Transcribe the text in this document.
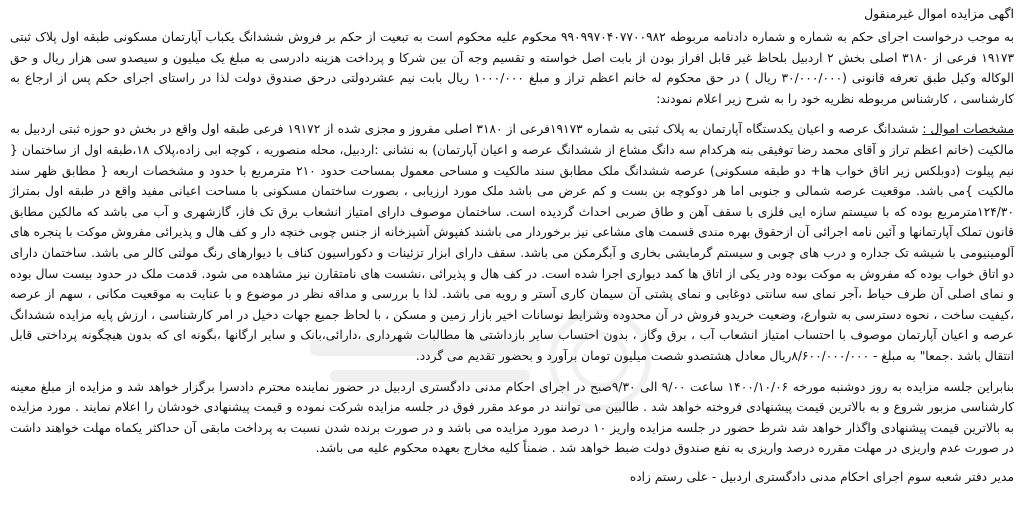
اگهی مزایده اموال غیرمنقول

به موجب درخواست اجرای حکم به شماره و شماره دادنامه مربوطه ۹۹۰۹۹۷۰۴۰۷۷۰۰۹۸۲ محکوم علیه محکوم است به تبعیت از حکم بر فروش ششدانگ یکباب آپارتمان مسکونی طبقه اول پلاک ثبتی ۱۹۱۷۳ فرعی از ۳۱۸۰ اصلی بخش ۲ اردبیل بلحاظ غیر قابل افراز بودن از بابت اصل خواسته و تقسیم وجه آن بین شرکا و پرداخت هزینه دادرسی به مبلغ یک میلیون و سیصدو سی هزار ریال و حق الوکاله وکیل طبق تعرفه قانونی (۳۰/۰۰۰/۰۰۰ ریال ) در حق محکوم له خانم اعظم تراز و مبلغ ۱۰۰۰/۰۰۰ ریال بابت نیم عشردولتی درحق صندوق دولت لذا در راستای اجرای حکم پس از ارجاع به کارشناسی ، کارشناس مربوطه نظریه خود را به شرح زیر اعلام نمودند:

مشخصات اموال : ششدانگ عرصه و اعیان یکدستگاه آپارتمان به پلاک ثبتی به شماره ۱۹۱۷۳فرعی از ۳۱۸۰ اصلی مفروز و مجزی شده از ۱۹۱۷۲ فرعی طبقه اول واقع در بخش دو حوزه ثبتی اردبیل به مالکیت (خانم اعظم تراز و آقای محمد رضا توفیقی بنه هرکدام سه دانگ مشاع از ششدانگ عرصه و اعیان آپارتمان) به نشانی :اردبیل، محله منصوریه ، کوچه ابی زاده،پلاک ۱۸،طبقه اول از ساختمان { نیم پیلوت (دوبلکس زیر اتاق خواب ها+ دو طبقه مسکونی) عرصه ششدانگ ملک مطابق سند مالکیت و مساحی معمول بمساحت حدود ۲۱۰ مترمربع با حدود و مشخصات اربعه { مطابق ظهر سند مالکیت }می باشد. موقعیت عرصه شمالی و جنوبی اما هر دوکوچه بن بست و کم عرض می باشد ملک مورد ارزیابی ، بصورت ساختمان مسکونی با مساحت اعیانی مفید واقع در طبقه اول بمتراژ ۱۲۴/۳۰مترمربع بوده که با سیستم سازه ایی فلزی با سقف آهن و طاق ضربی احداث گردیده است. ساختمان موصوف دارای امتیاز انشعاب برق تک فاز، گازشهری و آب می باشد که مالکین مطابق قانون تملک آپارتمانها و آئین نامه اجرائی آن ازحقوق بهره مندی قسمت های مشاعی نیز برخوردار می باشند کفپوش آشپزخانه از جنس چوبی خنچه دار و کف هال و پذیرائی مفروش موکت با پنجره های آلومینیومی با شیشه تک جداره و درب های چوبی و سیستم گرمایشی بخاری و آبگرمکن می باشد. سقف دارای ابزار تزئینات و دکوراسیون کناف با دیوارهای رنگ مولتی کالر می باشد. ساختمان دارای دو اتاق خواب بوده که مفروش به موکت بوده ودر یکی از اتاق ها کمد دیواری اجرا شده است. در کف هال و پذیرائی ،نشست های نامتقارن نیز مشاهده می شود. قدمت ملک در حدود بیست سال بوده و نمای اصلی آن طرف حیاط ،آجر نمای سه سانتی دوغابی و نمای پشتی آن سیمان کاری آستر و رویه می باشد. لذا با بررسی و مداقه نظر در موضوع و با عنایت به موقعیت مکانی ، سهم از عرصه ،کیفیت ساخت ، نحوه دسترسی به شوارع، وضعیت خریدو فروش در آن محدوده وشرایط نوسانات اخیر بازار زمین و مسکن ، با لحاظ جمیع جهات دخیل در امر کارشناسی ، ارزش پایه مزایده ششدانگ عرصه و اعیان آپارتمان موصوف با احتساب امتیاز انشعاب آب ، برق وگاز ، بدون احتساب سایر بازداشتی ها مطالبات شهرداری ،دارائی،بانک و سایر ارگانها ،بگونه ای که بدون هیچگونه پرداختی قابل انتقال باشد .جمعا" به مبلغ - ۸/۶۰۰/۰۰۰/۰۰۰ریال معادل هشتصدو شصت میلیون تومان برآورد و بحضور تقدیم می گردد.

بنابراین جلسه مزایده به روز دوشنبه مورخه ۱۴۰۰/۱۰/۰۶ ساعت ۹/۰۰ الی ۹/۳۰صبح در اجرای احکام مدنی دادگستری اردبیل در حضور نماینده محترم دادسرا برگزار خواهد شد و مزایده از مبلغ معینه کارشناسی مزبور شروع و به بالاترین قیمت پیشنهادی فروخته خواهد شد . طالبین می توانند در موعد مقرر فوق در جلسه مزایده شرکت نموده و قیمت پیشنهادی خودشان را اعلام نمایند . مورد مزایده به بالاترین قیمت پیشنهادی واگذار خواهد شد شرط حضور در جلسه مزایده واریز ۱۰ درصد مورد مزایده می باشد و در صورت برنده شدن نسبت به پرداخت مابقی آن حداکثر یکماه مهلت خواهند داشت در صورت عدم واریزی در مهلت مقرره درصد واریزی به نفع صندوق دولت ضبط خواهد شد . ضمناً کلیه مخارج بعهده محکوم علیه می باشد.

مدیر دفتر شعبه سوم اجرای احکام مدنی دادگستری اردبیل - علی رستم زاده
